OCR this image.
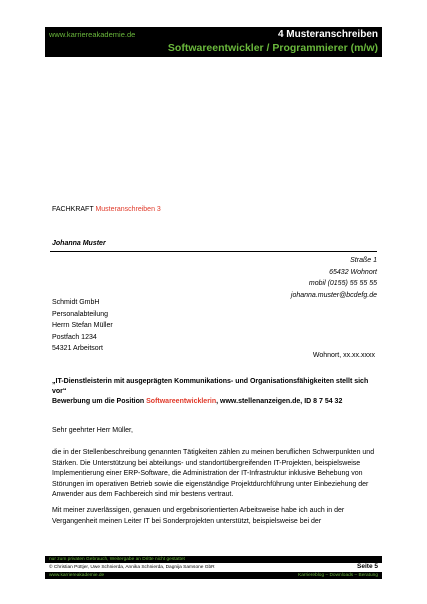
www.karriereakademie.de	4 Musteranschreiben
Softwareentwickler / Programmierer (m/w)
FACHKRAFT Musteranschreiben 3
Johanna Muster
Straße 1
65432 Wohnort
mobil (0155) 55 55 55
johanna.muster@bcdefg.de
Schmidt GmbH
Personalabteilung
Herrn Stefan Müller
Postfach 1234
54321 Arbeitsort
Wohnort, xx.xx.xxxx
„IT-Dienstleisterin mit ausgeprägten Kommunikations- und Organisationsfähigkeiten stellt sich vor“
Bewerbung um die Position Softwareentwicklerin, www.stellenanzeigen.de, ID 8 7 54 32
Sehr geehrter Herr Müller,
die in der Stellenbeschreibung genannten Tätigkeiten zählen zu meinen beruflichen Schwerpunkten und Stärken. Die Unterstützung bei abteilungs- und standortübergreifenden IT-Projekten, beispielsweise Implementierung einer ERP-Software, die Administration der IT-Infrastruktur inklusive Behebung von Störungen im operativen Betrieb sowie die eigenständige Projektdurchführung unter Einbeziehung der Anwender aus dem Fachbereich sind mir bestens vertraut.
Mit meiner zuverlässigen, genauen und ergebnisorientierten Arbeitsweise habe ich auch in der Vergangenheit meinen Leiter IT bei Sonderprojekten unterstützt, beispielsweise bei der
nur zum privaten Gebrauch, Weitergabe an Dritte nicht gestattet
© Christian Püttjer, Uwe Schnierda, Annika Schnierda, Dagnija Samsone GbR	Seite 5
www.karriereakademie.de	Karriereblog – Downloads – Beratung
